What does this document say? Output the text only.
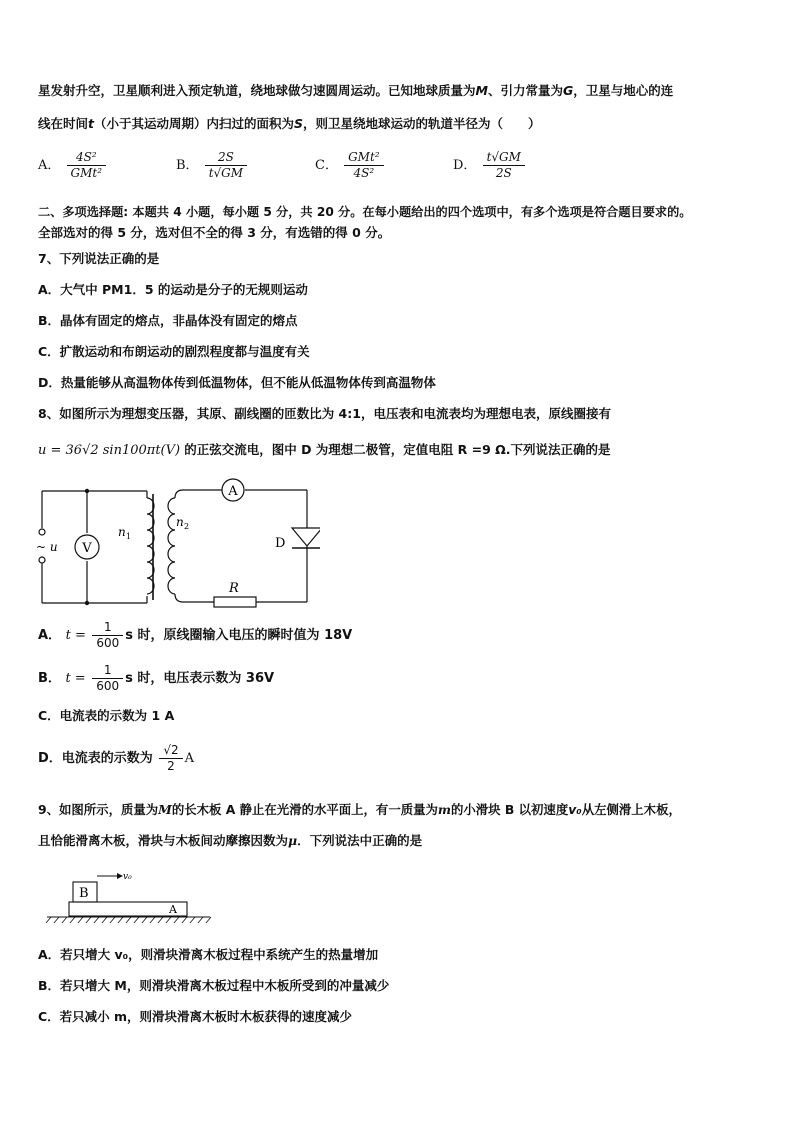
星发射升空，卫星顺利进入预定轨道，绕地球做匀速圆周运动。已知地球质量为M、引力常量为G，卫星与地心的连
线在时间t（小于其运动周期）内扫过的面积为S，则卫星绕地球运动的轨道半径为（　　）
A． $\frac{\text{4S²}}{\text{GMt²}}$	B． $\frac{2S}{t√GM}$	C． $\frac{\text{GMt²}}{\text{4S²}}$	D． $\frac{t√GM}{2S}$
二、多项选择题: 本题共 4 小题，每小题 5 分，共 20 分。在每小题给出的四个选项中，有多个选项是符合题目要求的。
全部选对的得 5 分，选对但不全的得 3 分，有选错的得 0 分。
7、下列说法正确的是
A．大气中 PM1．5 的运动是分子的无规则运动
B．晶体有固定的熔点，非晶体没有固定的熔点
C．扩散运动和布朗运动的剧烈程度都与温度有关
D．热量能够从高温物体传到低温物体，但不能从低温物体传到高温物体
8、如图所示为理想变压器，其原、副线圈的匝数比为 4:1，电压表和电流表均为理想电表，原线圈接有
u = 36√2 sin100πt(V) 的正弦交流电，图中 D 为理想二极管，定值电阻 R =9 Ω.下列说法正确的是
A
V
n 1
n 2
D
R
~ u
A． $t = \frac{1}{600}$ s 时，原线圈输入电压的瞬时值为 18V
B． $t = \frac{1}{600}$ s 时，电压表示数为 36V
C．电流表的示数为 1 A
D．电流表的示数为 $\frac{√2}{2}$ A
9、如图所示，质量为M的长木板 A 静止在光滑的水平面上，有一质量为m的小滑块 B 以初速度v₀从左侧滑上木板，
且恰能滑离木板，滑块与木板间动摩擦因数为μ．下列说法中正确的是
B
A
v₀
A．若只增大 v₀，则滑块滑离木板过程中系统产生的热量增加
B．若只增大 M，则滑块滑离木板过程中木板所受到的冲量减少
C．若只减小 m，则滑块滑离木板时木板获得的速度减少
